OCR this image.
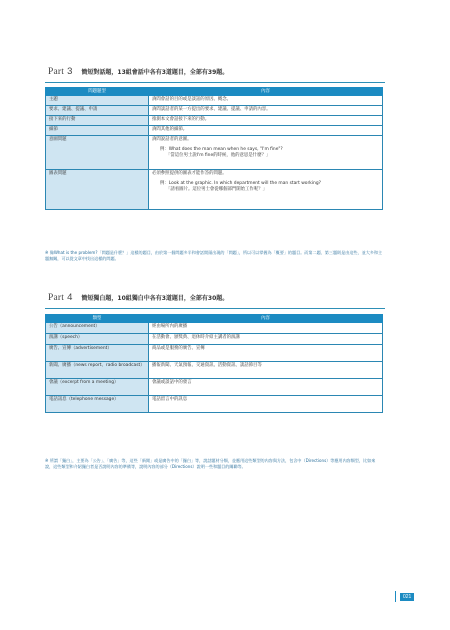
Part 3 簡短對話題，13組會話中各有3道題目，全部有39題。
問題題型	內容
主題	詢問會話的目的或是談話的原因、概念。
要求、建議、提議、申請	詢問談話者的某一方提出的要求、建議、提議、申請的內容。
接下來的行動	推測本文會話接下來的行動。
細節	詢問其他的細節。
意圖問題	詢問說話者的意圖。
例：What does the man mean when he says, "I'm fine"?
「當這位男士說I'm fine的時候，他的意思是什麼？」

圖表問題	必須參照提供的圖表才能作答的問題。
例：Look at the graphic. In which department will the man start working?
「請看圖片。這位男士會從哪個部門開始工作呢？」
※ 像What is the problem?「問題是什麼？」這樣的題目，由於第一個問題多半和會話開頭出現的「問題」，所以可以掌握為「概要」的題目。而第二題、第三題則是由這些，並大多和主題無關，可以從文章中找出這樣的問題。
Part 4 簡短獨白題，10組獨白中各有3道題目，全部有30題。
類型	內容
公告（announcement）	經由場所內的廣播
演講（speech）	在活動會、頒獎典、退休時介紹主講者的演講
廣告、宣傳（advertisement）	商品或是服務的廣告、宣傳
新聞、廣播（news report、radio broadcast）	播報新聞、天氣預報、交通資訊、活動資訊、談話節目等
會議（excerpt from a meeting）	會議或談話中的發言
電話訊息（telephone message）	電話留言中的訊息
※ 所謂「獨白」，主要為「公告」、「廣告」等，這些「新聞」或是廣告中的「獨白」等，說話題材分類，並應用這些類型的內容與方法，包含中（Directions）等應用內容類型，比如來說，這些類型和介紹獨白者是否說明內容的準備等，說明內容的部分（Directions）說明一些和題目的關聯等。
021
